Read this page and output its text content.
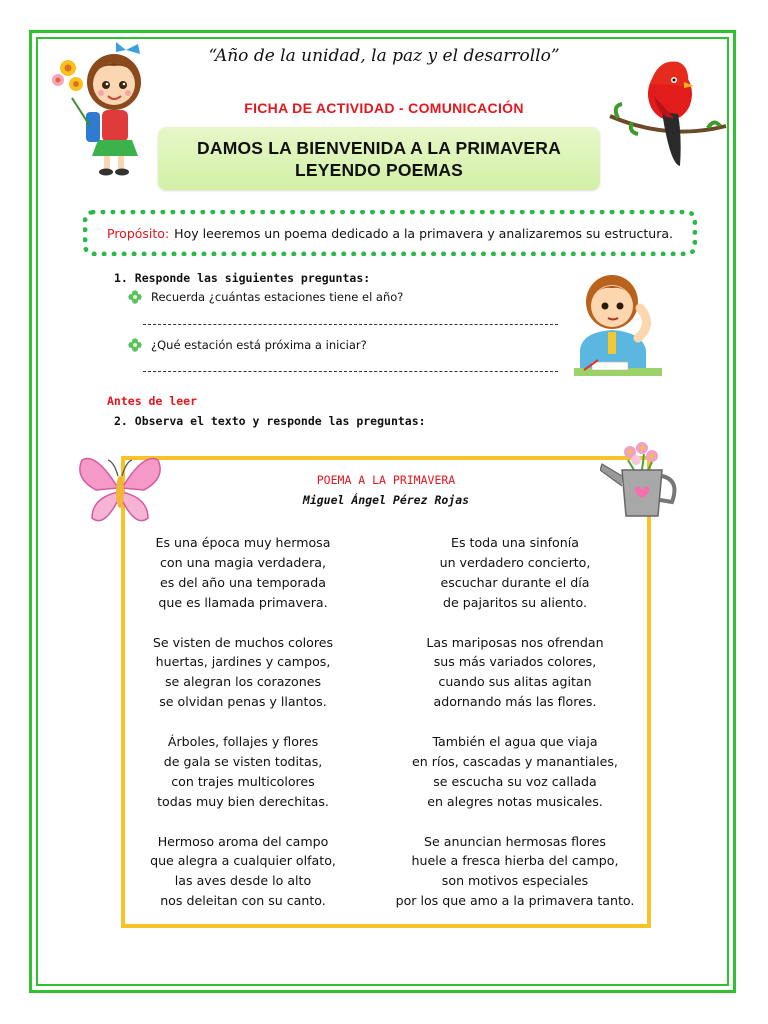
“Año de la unidad, la paz y el desarrollo”
FICHA DE ACTIVIDAD - COMUNICACIÓN
DAMOS LA BIENVENIDA A LA PRIMAVERA
LEYENDO POEMAS
Propósito: Hoy leeremos un poema dedicado a la primavera y analizaremos su estructura.
1. Responde las siguientes preguntas:
Recuerda ¿cuántas estaciones tiene el año?
¿Qué estación está próxima a iniciar?
Antes de leer
2. Observa el texto y responde las preguntas:
POEMA A LA PRIMAVERA
Miguel Ángel Pérez Rojas
Es una época muy hermosa
con una magia verdadera,
es del año una temporada
que es llamada primavera.
Se visten de muchos colores
huertas, jardines y campos,
se alegran los corazones
se olvidan penas y llantos.
Árboles, follajes y flores
de gala se visten toditas,
con trajes multicolores
todas muy bien derechitas.
Hermoso aroma del campo
que alegra a cualquier olfato,
las aves desde lo alto
nos deleitan con su canto.
Es toda una sinfonía
un verdadero concierto,
escuchar durante el día
de pajaritos su aliento.
Las mariposas nos ofrendan
sus más variados colores,
cuando sus alitas agitan
adornando más las flores.
También el agua que viaja
en ríos, cascadas y manantiales,
se escucha su voz callada
en alegres notas musicales.
Se anuncian hermosas flores
huele a fresca hierba del campo,
son motivos especiales
por los que amo a la primavera tanto.
